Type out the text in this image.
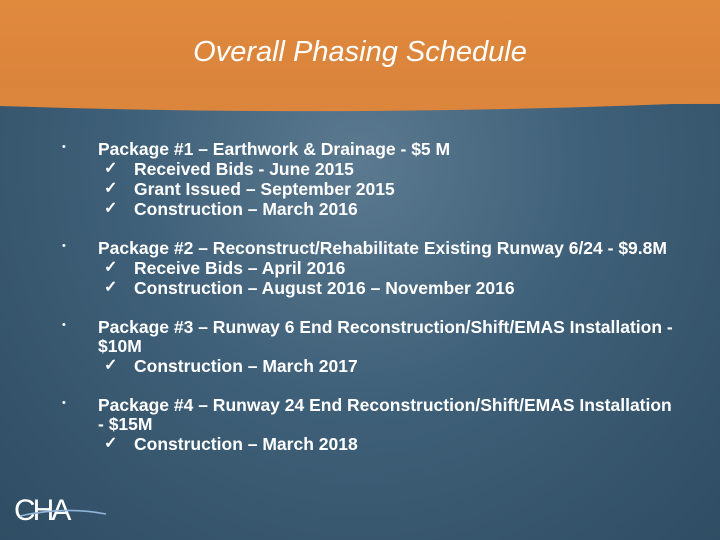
Overall Phasing Schedule
• Package #1 – Earthwork & Drainage - $5 M
✓ Received Bids - June 2015
✓ Grant Issued – September 2015
✓ Construction – March 2016
• Package #2 – Reconstruct/Rehabilitate Existing Runway 6/24 - $9.8M
✓ Receive Bids – April 2016
✓ Construction – August 2016 – November 2016
• Package #3 – Runway 6 End Reconstruction/Shift/EMAS Installation - $10M
✓ Construction – March 2017
• Package #4 – Runway 24 End Reconstruction/Shift/EMAS Installation - $15M
✓ Construction – March 2018
CHA
